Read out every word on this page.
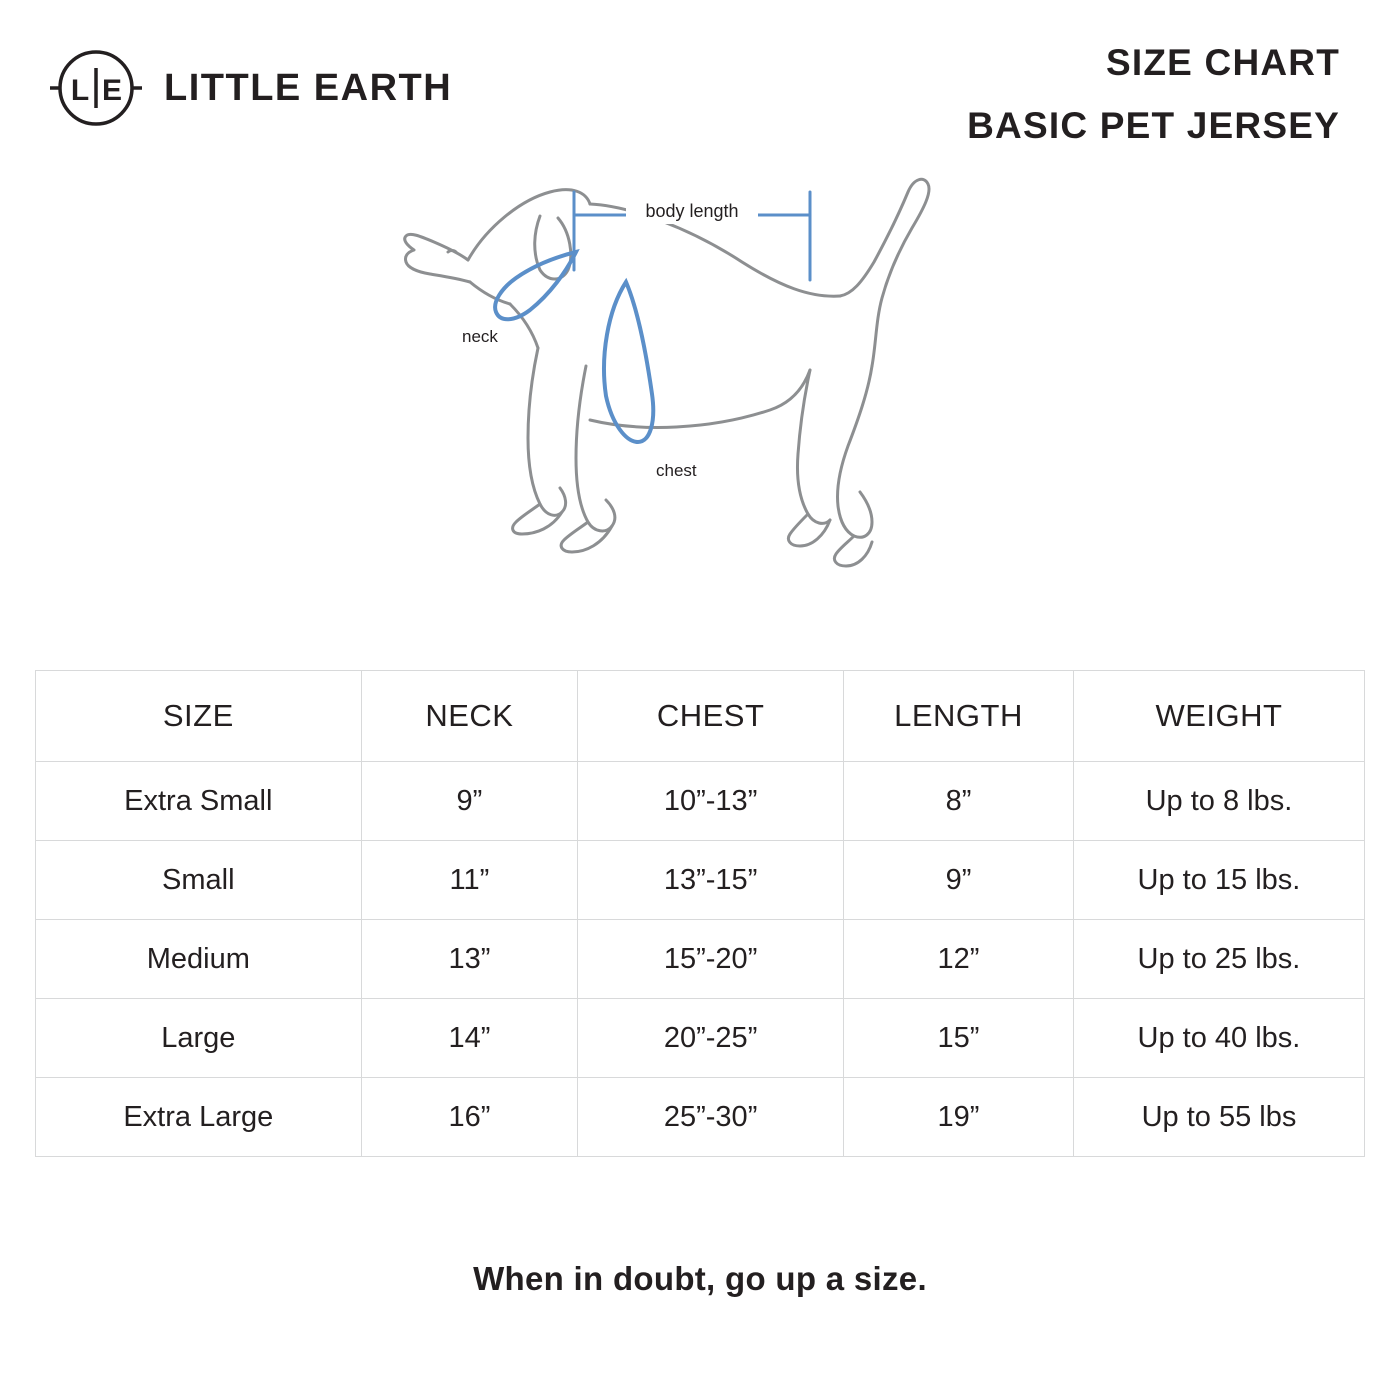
L E LITTLE EARTH
SIZE CHART
BASIC PET JERSEY
body length
neck
chest
SIZE	NECK	CHEST	LENGTH	WEIGHT
Extra Small	9”	10”-13”	8”	Up to 8 lbs.
Small	11”	13”-15”	9”	Up to 15 lbs.
Medium	13”	15”-20”	12”	Up to 25 lbs.
Large	14”	20”-25”	15”	Up to 40 lbs.
Extra Large	16”	25”-30”	19”	Up to 55 lbs
When in doubt, go up a size.
